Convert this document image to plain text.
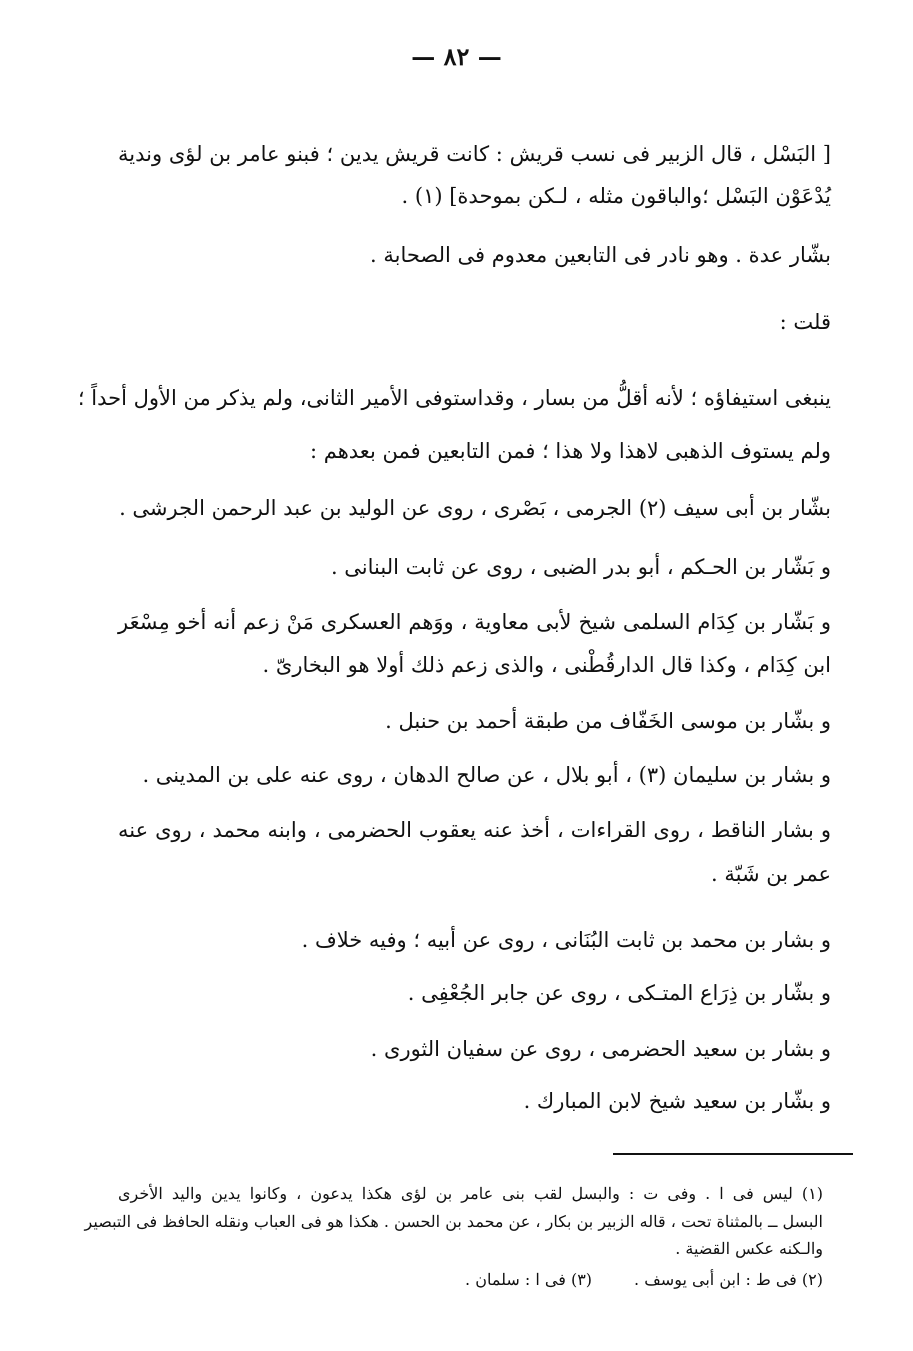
— ٨٢ —
[ البَسْل ، قال الزبير فى نسب قريش : كانت قريش يدين ؛ فبنو عامر بن لؤى وندية
يُدْعَوْن البَسْل ؛والباقون مثله ، لـكن بموحدة] (١) .
بشّار عدة . وهو نادر فى التابعين معدوم فى الصحابة .
قلت :
ينبغى استيفاؤه ؛ لأنه أقلُّ من بسار ، وقداستوفى الأمير الثانى، ولم يذكر من الأول أحداً ؛
ولم يستوف الذهبى لاهذا ولا هذا ؛ فمن التابعين فمن بعدهم :
بشّار بن أبى سيف (٢) الجرمى ، بَصْرى ، روى عن الوليد بن عبد الرحمن الجرشى .
و بَشّار بن الحـكم ، أبو بدر الضبى ، روى عن ثابت البنانى .
و بَشّار بن كِدَام السلمى شيخ لأبى معاوية ، ووَهم العسكرى مَنْ زعم أنه أخو مِسْعَر
ابن كِدَام ، وكذا قال الدارقُطْنى ، والذى زعم ذلك أولا هو البخارىّ .
و بشّار بن موسى الخَفّاف من طبقة أحمد بن حنبل .
و بشار بن سليمان (٣) ، أبو بلال ، عن صالح الدهان ، روى عنه على بن المدينى .
و بشار الناقط ، روى القراءات ، أخذ عنه يعقوب الحضرمى ، وابنه محمد ، روى عنه
عمر بن شَبّة .
و بشار بن محمد بن ثابت البُنَانى ، روى عن أبيه ؛ وفيه خلاف .
و بشّار بن ذِرَاع المتـكى ، روى عن جابر الجُعْفِى .
و بشار بن سعيد الحضرمى ، روى عن سفيان الثورى .
و بشّار بن سعيد شيخ لابن المبارك .
(١) ليس فى ا . وفى ت : والبسل لقب بنى عامر بن لؤى هكذا يدعون ، وكانوا يدين واليد الأخرى
البسل ــ بالمثناة تحت ، قاله الزبير بن بكار ، عن محمد بن الحسن . هكذا هو فى العباب ونقله الحافظ فى التبصير
والـكنه عكس القضية .
(٢) فى ط : ابن أبى يوسف .(٣) فى ا : سلمان .
